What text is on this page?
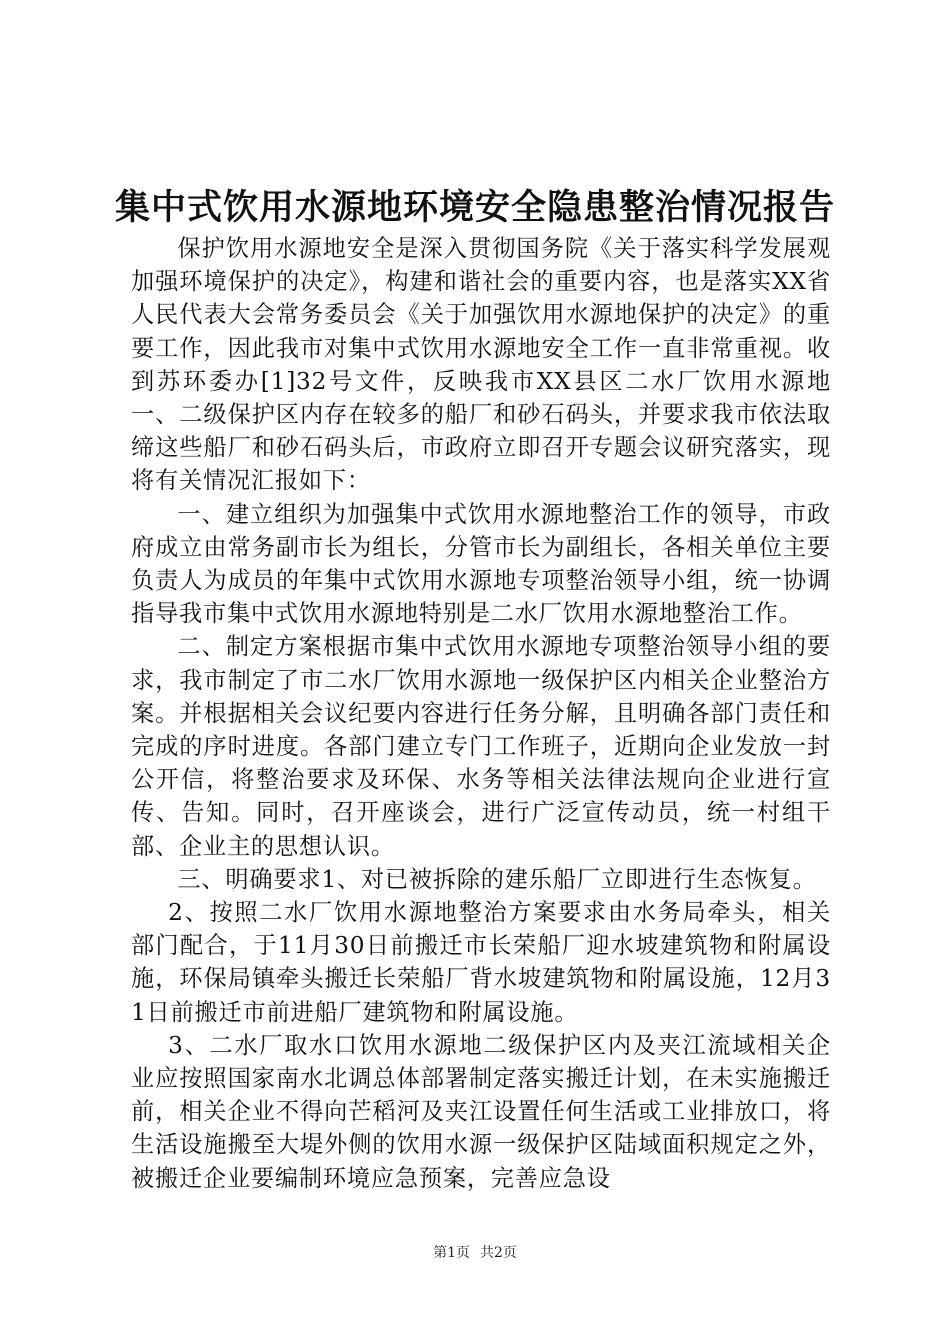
集中式饮用水源地环境安全隐患整治情况报告

保护饮用水源地安全是深入贯彻国务院《关于落实科学发展观加强环境保护的决定》，构建和谐社会的重要内容，也是落实XX省人民代表大会常务委员会《关于加强饮用水源地保护的决定》的重要工作，因此我市对集中式饮用水源地安全工作一直非常重视。收到苏环委办[1]32号文件，反映我市XX县区二水厂饮用水源地一、二级保护区内存在较多的船厂和砂石码头，并要求我市依法取缔这些船厂和砂石码头后，市政府立即召开专题会议研究落实，现将有关情况汇报如下：

一、建立组织为加强集中式饮用水源地整治工作的领导，市政府成立由常务副市长为组长，分管市长为副组长，各相关单位主要负责人为成员的年集中式饮用水源地专项整治领导小组，统一协调指导我市集中式饮用水源地特别是二水厂饮用水源地整治工作。

二、制定方案根据市集中式饮用水源地专项整治领导小组的要求，我市制定了市二水厂饮用水源地一级保护区内相关企业整治方案。并根据相关会议纪要内容进行任务分解，且明确各部门责任和完成的序时进度。各部门建立专门工作班子，近期向企业发放一封公开信，将整治要求及环保、水务等相关法律法规向企业进行宣传、告知。同时，召开座谈会，进行广泛宣传动员，统一村组干部、企业主的思想认识。

三、明确要求1、对已被拆除的建乐船厂立即进行生态恢复。

2、按照二水厂饮用水源地整治方案要求由水务局牵头，相关部门配合，于11月30日前搬迁市长荣船厂迎水坡建筑物和附属设施，环保局镇牵头搬迁长荣船厂背水坡建筑物和附属设施，12月31日前搬迁市前进船厂建筑物和附属设施。

3、二水厂取水口饮用水源地二级保护区内及夹江流域相关企业应按照国家南水北调总体部署制定落实搬迁计划，在未实施搬迁前，相关企业不得向芒稻河及夹江设置任何生活或工业排放口，将生活设施搬至大堤外侧的饮用水源一级保护区陆域面积规定之外，被搬迁企业要编制环境应急预案，完善应急设

第1页 共2页
